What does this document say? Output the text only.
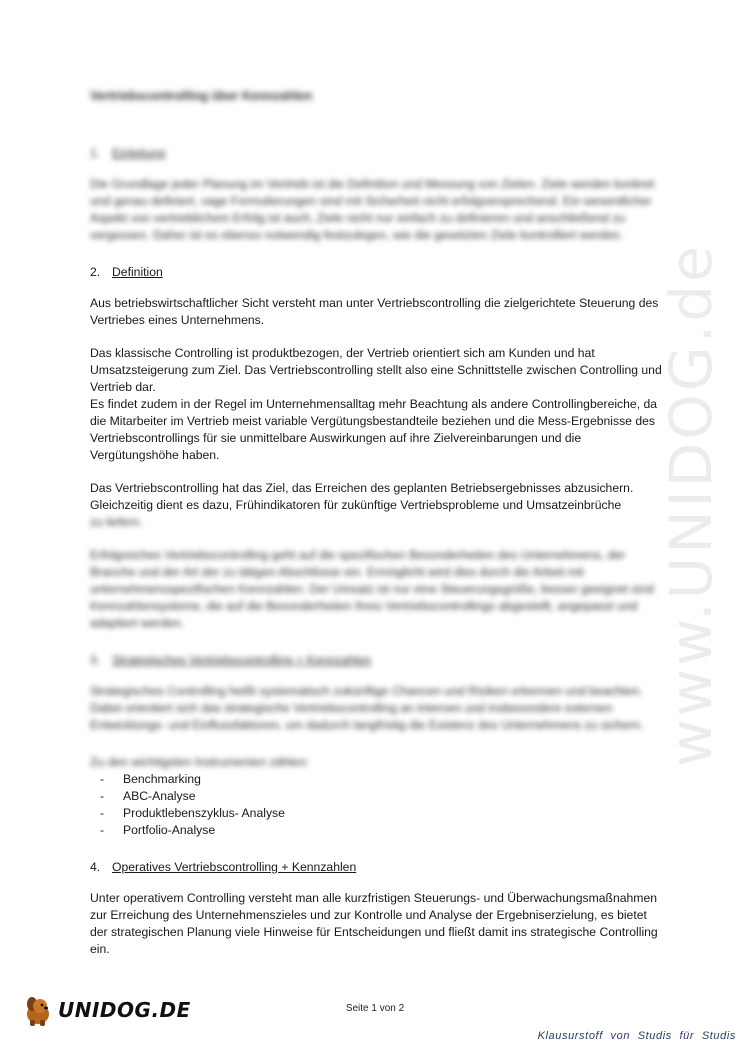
www.UNIDOG.de
Vertriebscontrolling über Kennzahlen
1. Einleitung

Die Grundlage jeder Planung im Vertrieb ist die Definition und Messung von Zielen. Ziele werden konkret und genau definiert, vage Formulierungen sind mit Sicherheit nicht erfolgversprechend. Ein wesentlicher Aspekt von vertrieblichem Erfolg ist auch, Ziele nicht nur einfach zu definieren und anschließend zu vergessen. Daher ist es ebenso notwendig festzulegen, wie die gesetzten Ziele kontrolliert werden.

2. Definition

Aus betriebswirtschaftlicher Sicht versteht man unter Vertriebscontrolling die zielgerichtete Steuerung des Vertriebes eines Unternehmens.

Das klassische Controlling ist produktbezogen, der Vertrieb orientiert sich am Kunden und hat Umsatzsteigerung zum Ziel. Das Vertriebscontrolling stellt also eine Schnittstelle zwischen Controlling und Vertrieb dar.

Es findet zudem in der Regel im Unternehmensalltag mehr Beachtung als andere Controllingbereiche, da die Mitarbeiter im Vertrieb meist variable Vergütungsbestandteile beziehen und die Mess-Ergebnisse des Vertriebscontrollings für sie unmittelbare Auswirkungen auf ihre Zielvereinbarungen und die Vergütungshöhe haben.

Das Vertriebscontrolling hat das Ziel, das Erreichen des geplanten Betriebsergebnisses abzusichern. Gleichzeitig dient es dazu, Frühindikatoren für zukünftige Vertriebsprobleme und Umsatzeinbrüche

zu liefern.

Erfolgreiches Vertriebscontrolling geht auf die spezifischen Besonderheiten des Unternehmens, der Branche und der Art der zu tätigen Abschlüsse ein. Ermöglicht wird dies durch die Arbeit mit unternehmensspezifischen Kennzahlen. Der Umsatz ist nur eine Steuerungsgröße, besser geeignet sind Kennzahlensysteme, die auf die Besonderheiten Ihres Vertriebscontrollings abgestellt, angepasst und adaptiert werden.

3. Strategisches Vertriebscontrolling + Kennzahlen

Strategisches Controlling heißt systematisch zukünftige Chancen und Risiken erkennen und beachten. Dabei orientiert sich das strategische Vertriebscontrolling an internen und insbesondere externen Entwicklungs- und Einflussfaktoren, um dadurch langfristig die Existenz des Unternehmens zu sichern.

Zu den wichtigsten Instrumenten zählen:

-	Benchmarking
-	ABC-Analyse
-	Produktlebenszyklus- Analyse
-	Portfolio-Analyse
4. Operatives Vertriebscontrolling + Kennzahlen

Unter operativem Controlling versteht man alle kurzfristigen Steuerungs- und Überwachungsmaßnahmen zur Erreichung des Unternehmenszieles und zur Kontrolle und Analyse der Ergebniserzielung, es bietet der strategischen Planung viele Hinweise für Entscheidungen und fließt damit ins strategische Controlling ein.

Seite 1 von 2
UNIDOG.DE
Klausurstoff von Studis für Studis
